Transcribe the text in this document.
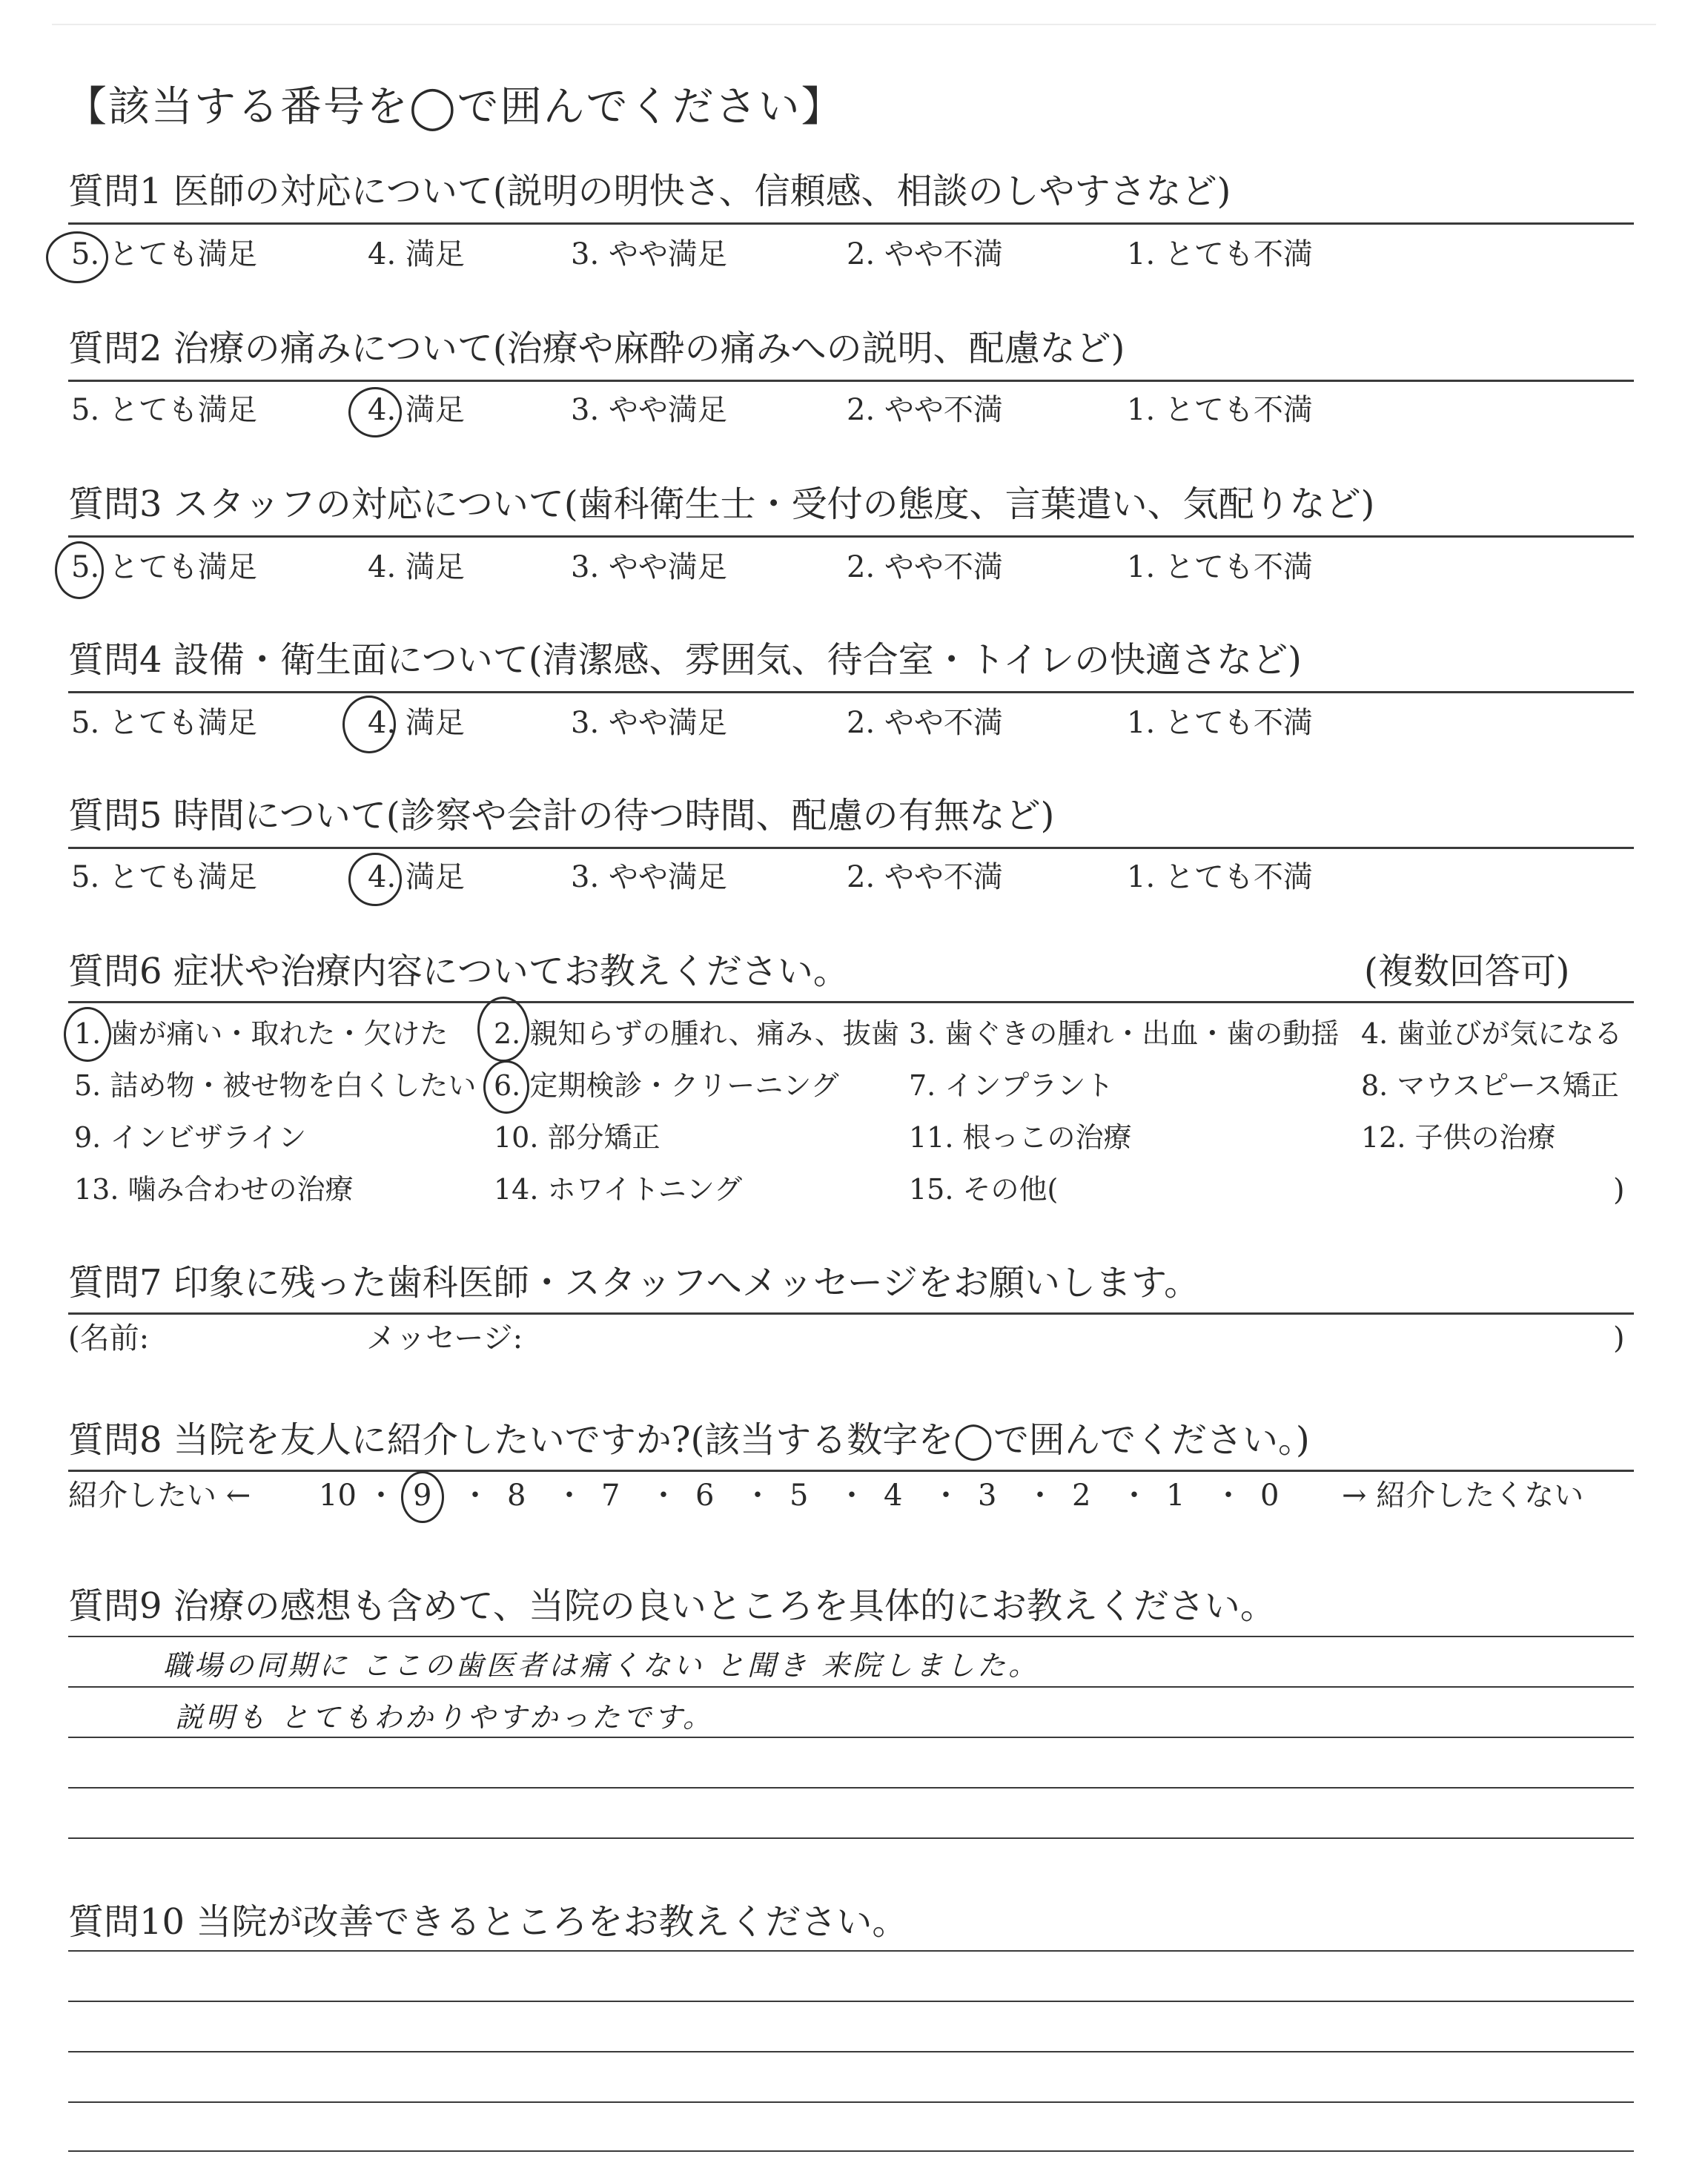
【該当する番号を◯で囲んでください】
質問1 医師の対応について(説明の明快さ、信頼感、相談のしやすさなど)
5. とても満足	4. 満足	3. やや満足	2. やや不満	1. とても不満
質問2 治療の痛みについて(治療や麻酔の痛みへの説明、配慮など)
5. とても満足	4. 満足	3. やや満足	2. やや不満	1. とても不満
質問3 スタッフの対応について(歯科衛生士・受付の態度、言葉遣い、気配りなど)
5. とても満足	4. 満足	3. やや満足	2. やや不満	1. とても不満
質問4 設備・衛生面について(清潔感、雰囲気、待合室・トイレの快適さなど)
5. とても満足	4. 満足	3. やや満足	2. やや不満	1. とても不満
質問5 時間について(診察や会計の待つ時間、配慮の有無など)
5. とても満足	4. 満足	3. やや満足	2. やや不満	1. とても不満
質問6 症状や治療内容についてお教えください。	(複数回答可)
1. 歯が痛い・取れた・欠けた 2. 親知らずの腫れ、痛み、抜歯 3. 歯ぐきの腫れ・出血・歯の動揺 4. 歯並びが気になる
5. 詰め物・被せ物を白くしたい 6. 定期検診・クリーニング 7. インプラント	8. マウスピース矯正
9. インビザライン	10. 部分矯正	11. 根っこの治療	12. 子供の治療
13. 噛み合わせの治療	14. ホワイトニング	15. その他(	)
質問7 印象に残った歯科医師・スタッフへメッセージをお願いします。
(名前:	メッセージ:	)
質問8 当院を友人に紹介したいですか?(該当する数字を◯で囲んでください。)
紹介したい ←	→ 紹介したくない
10 ・ 9 ・ 8 ・ 7 ・ 6 ・ 5 ・ 4 ・ 3 ・ 2 ・ 1 ・ 0
質問9 治療の感想も含めて、当院の良いところを具体的にお教えください。
職場の同期に ここの歯医者は痛くない と聞き 来院しました。
説明も とてもわかりやすかったです。
質問10 当院が改善できるところをお教えください。
